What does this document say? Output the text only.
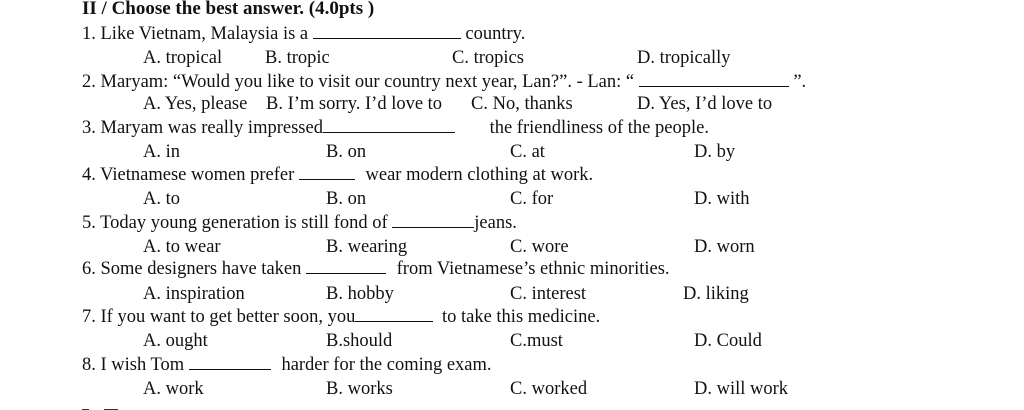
II / Choose the best answer. (4.0pts )
1. Like Vietnam, Malaysia is a	country.
A. tropical B. tropic	C. tropics	D. tropically
2. Maryam: “Would you like to visit our country next year, Lan?”. - Lan: “	”.
A. Yes, please B. I’m sorry. I’d love to C. No, thanks	D. Yes, I’d love to
3. Maryam was really impressed	the friendliness of the people.
A. in	B. on	C. at	D. by
4. Vietnamese women prefer	wear modern clothing at work.
A. to	B. on	C. for	D. with
5. Today young generation is still fond of	jeans.
A. to wear	B. wearing	C. wore	D. worn
6. Some designers have taken	from Vietnamese’s ethnic minorities.
A. inspiration	B. hobby	C. interest	D. liking
7. If you want to get better soon, you	to take this medicine.
A. ought	B.should	C.must	D. Could
8. I wish Tom	harder for the coming exam.
A. work	B. works	C. worked	D. will work
